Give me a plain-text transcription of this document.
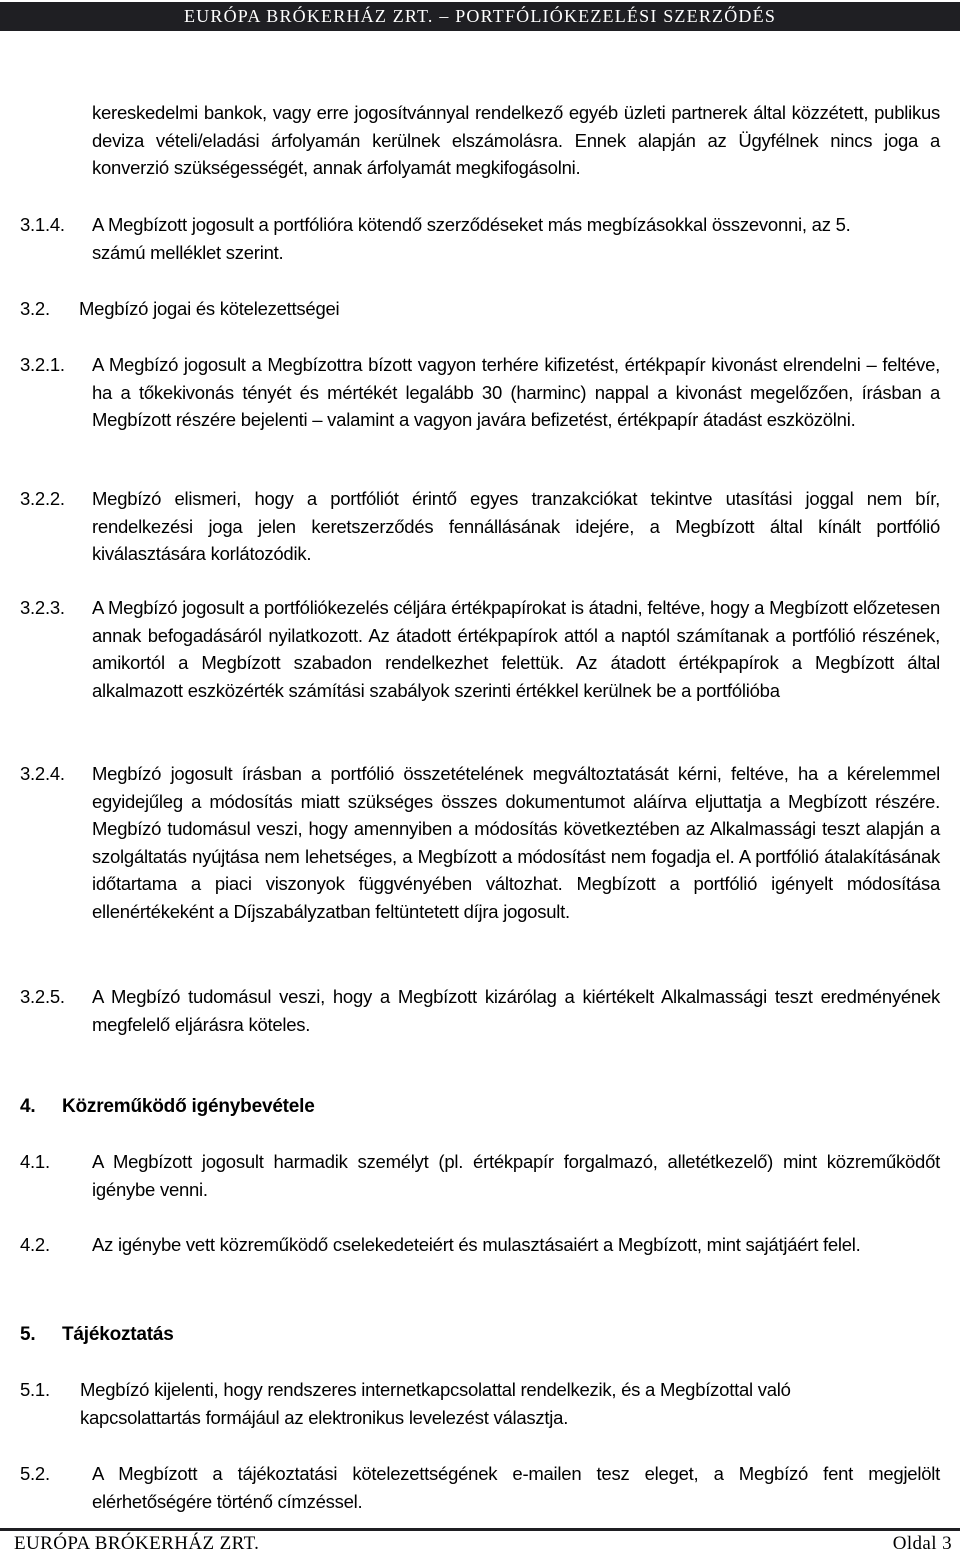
EURÓPA BRÓKERHÁZ ZRT. – PORTFÓLIÓKEZELÉSI SZERZŐDÉS

kereskedelmi bankok, vagy erre jogosítvánnyal rendelkező egyéb üzleti partnerek által közzétett, publikus deviza vételi/eladási árfolyamán kerülnek elszámolásra. Ennek alapján az Ügyfélnek nincs joga a konverzió szükségességét, annak árfolyamát megkifogásolni.

3.1.4. A Megbízott jogosult a portfólióra kötendő szerződéseket más megbízásokkal összevonni, az 5. számú melléklet szerint.

3.2. Megbízó jogai és kötelezettségei
3.2.1. A Megbízó jogosult a Megbízottra bízott vagyon terhére kifizetést, értékpapír kivonást elrendelni – feltéve, ha a tőkekivonás tényét és mértékét legalább 30 (harminc) nappal a kivonást megelőzően, írásban a Megbízott részére bejelenti – valamint a vagyon javára befizetést, értékpapír átadást eszközölni.

3.2.2. Megbízó elismeri, hogy a portfóliót érintő egyes tranzakciókat tekintve utasítási joggal nem bír, rendelkezési joga jelen keretszerződés fennállásának idejére, a Megbízott által kínált portfólió kiválasztására korlátozódik.

3.2.3. A Megbízó jogosult a portfóliókezelés céljára értékpapírokat is átadni, feltéve, hogy a Megbízott előzetesen annak befogadásáról nyilatkozott. Az átadott értékpapírok attól a naptól számítanak a portfólió részének, amikortól a Megbízott szabadon rendelkezhet felettük. Az átadott értékpapírok a Megbízott által alkalmazott eszközérték számítási szabályok szerinti értékkel kerülnek be a portfólióba

3.2.4. Megbízó jogosult írásban a portfólió összetételének megváltoztatását kérni, feltéve, ha a kérelemmel egyidejűleg a módosítás miatt szükséges összes dokumentumot aláírva eljuttatja a Megbízott részére. Megbízó tudomásul veszi, hogy amennyiben a módosítás következtében az Alkalmassági teszt alapján a szolgáltatás nyújtása nem lehetséges, a Megbízott a módosítást nem fogadja el. A portfólió átalakításának időtartama a piaci viszonyok függvényében változhat. Megbízott a portfólió igényelt módosítása ellenértékeként a Díjszabályzatban feltüntetett díjra jogosult.

3.2.5. A Megbízó tudomásul veszi, hogy a Megbízott kizárólag a kiértékelt Alkalmassági teszt eredményének megfelelő eljárásra köteles.

4. Közreműködő igénybevétele
4.1. A Megbízott jogosult harmadik személyt (pl. értékpapír forgalmazó, alletétkezelő) mint közreműködőt igénybe venni.

4.2. Az igénybe vett közreműködő cselekedeteiért és mulasztásaiért a Megbízott, mint sajátjáért felel.

5. Tájékoztatás
5.1. Megbízó kijelenti, hogy rendszeres internetkapcsolattal rendelkezik, és a Megbízottal való kapcsolattartás formájául az elektronikus levelezést választja.

5.2. A Megbízott a tájékoztatási kötelezettségének e-mailen tesz eleget, a Megbízó fent megjelölt elérhetőségére történő címzéssel.

EURÓPA BRÓKERHÁZ ZRT.	Oldal 3
